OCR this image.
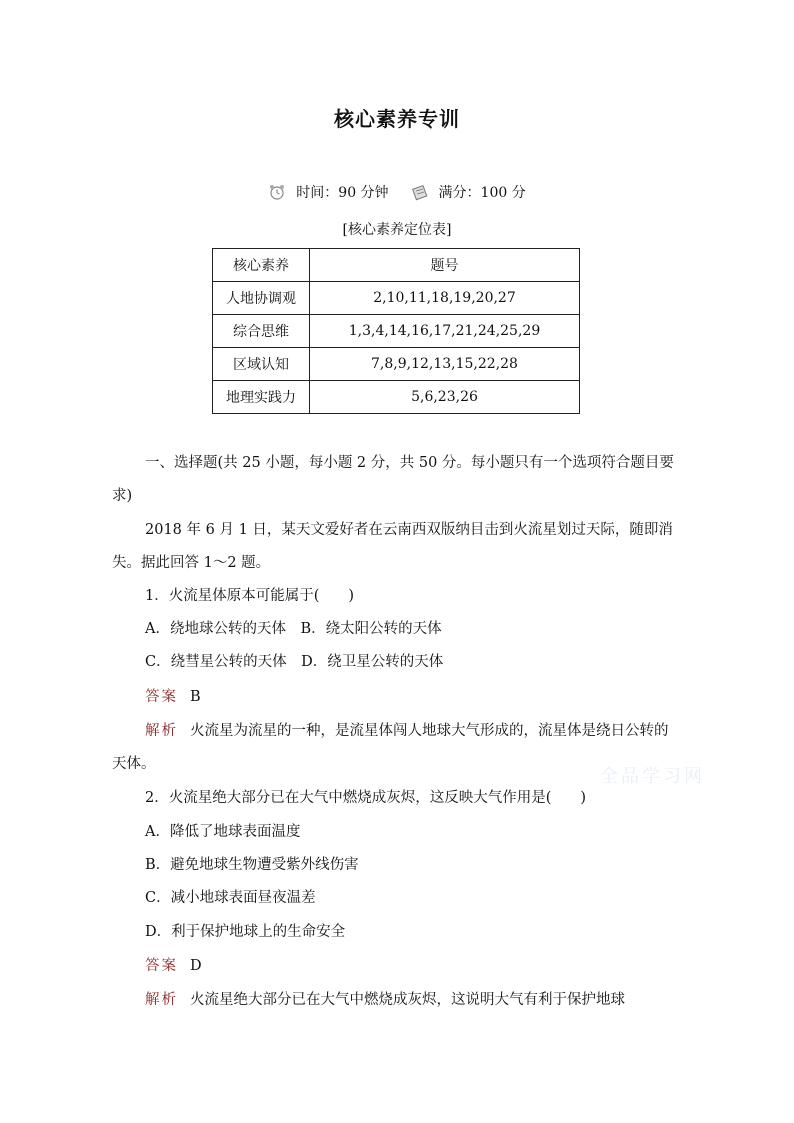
核心素养专训
时间：90 分钟	满分：100 分
[核心素养定位表]
核心素养	题号
人地协调观	2,10,11,18,19,20,27
综合思维	1,3,4,14,16,17,21,24,25,29
区域认知	7,8,9,12,13,15,22,28
地理实践力	5,6,23,26
一、选择题(共 25 小题，每小题 2 分，共 50 分。每小题只有一个选项符合题目要求)
2018 年 6 月 1 日，某天文爱好者在云南西双版纳目击到火流星划过天际，随即消失。据此回答 1～2 题。
1．火流星体原本可能属于(　　)
A．绕地球公转的天体　B．绕太阳公转的天体
C．绕彗星公转的天体　D．绕卫星公转的天体
答案 B
解析 火流星为流星的一种，是流星体闯人地球大气形成的，流星体是绕日公转的天体。
全品学习网
2．火流星绝大部分已在大气中燃烧成灰烬，这反映大气作用是(　　)
A．降低了地球表面温度
B．避免地球生物遭受紫外线伤害
C．减小地球表面昼夜温差
D．利于保护地球上的生命安全
答案 D
解析 火流星绝大部分已在大气中燃烧成灰烬，这说明大气有利于保护地球
